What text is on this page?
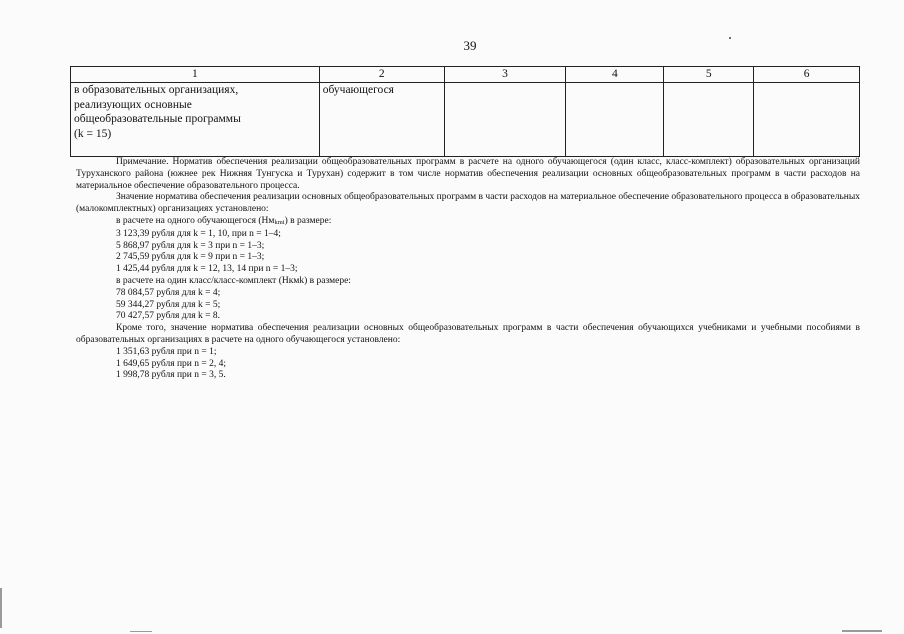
39
1	2	3	4	5	6

в образовательных организациях,
реализующих основные
общеобразовательные программы
(k = 15)	обучающегося				

Примечание. Норматив обеспечения реализации общеобразовательных программ в расчете на одного обучающегося (один класс, класс-комплект) образовательных организаций Туруханского района (южнее рек Нижняя Тунгуска и Турухан) содержит в том числе норматив обеспечения реализации основных общеобразовательных программ в части расходов на материальное обеспечение образовательного процесса.

Значение норматива обеспечения реализации основных общеобразовательных программ в части расходов на материальное обеспечение образовательного процесса в образовательных (малокомплектных) организациях установлено:

в расчете на одного обучающегося $(Нм_{kmi})$ в размере:

3 123,39 рубля для k = 1, 10, при n = 1–4;

5 868,97 рубля для k = 3 при n = 1–3;

2 745,59 рубля для k = 9 при n = 1–3;

1 425,44 рубля для k = 12, 13, 14 при n = 1–3;

в расчете на один класс/класс-комплект (Нкмk) в размере:

78 084,57 рубля для k = 4;

59 344,27 рубля для k = 5;

70 427,57 рубля для k = 8.

Кроме того, значение норматива обеспечения реализации основных общеобразовательных программ в части обеспечения обучающихся учебниками и учебными пособиями в образовательных организациях в расчете на одного обучающегося установлено:

1 351,63 рубля при n = 1;

1 649,65 рубля при n = 2, 4;

1 998,78 рубля при n = 3, 5.
